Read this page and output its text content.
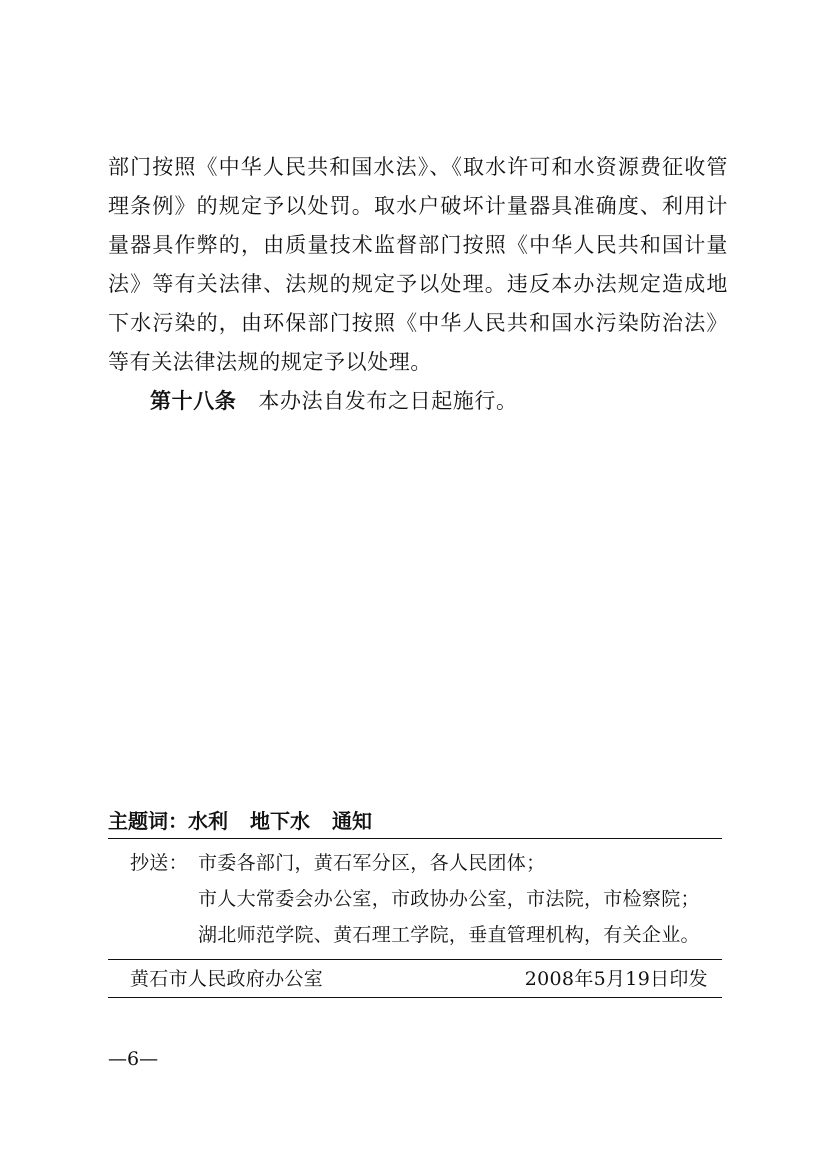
部门按照《中华人民共和国水法》、《取水许可和水资源费征收管
理条例》的规定予以处罚。取水户破坏计量器具准确度、利用计
量器具作弊的，由质量技术监督部门按照《中华人民共和国计量
法》等有关法律、法规的规定予以处理。违反本办法规定造成地
下水污染的，由环保部门按照《中华人民共和国水污染防治法》
等有关法律法规的规定予以处理。
第十八条 本办法自发布之日起施行。
主题词：水利 地下水 通知
抄送： 市委各部门，黄石军分区，各人民团体；
市人大常委会办公室，市政协办公室，市法院，市检察院；
湖北师范学院、黄石理工学院，垂直管理机构，有关企业。
黄石市人民政府办公室	2008年5月19日印发
—6—
